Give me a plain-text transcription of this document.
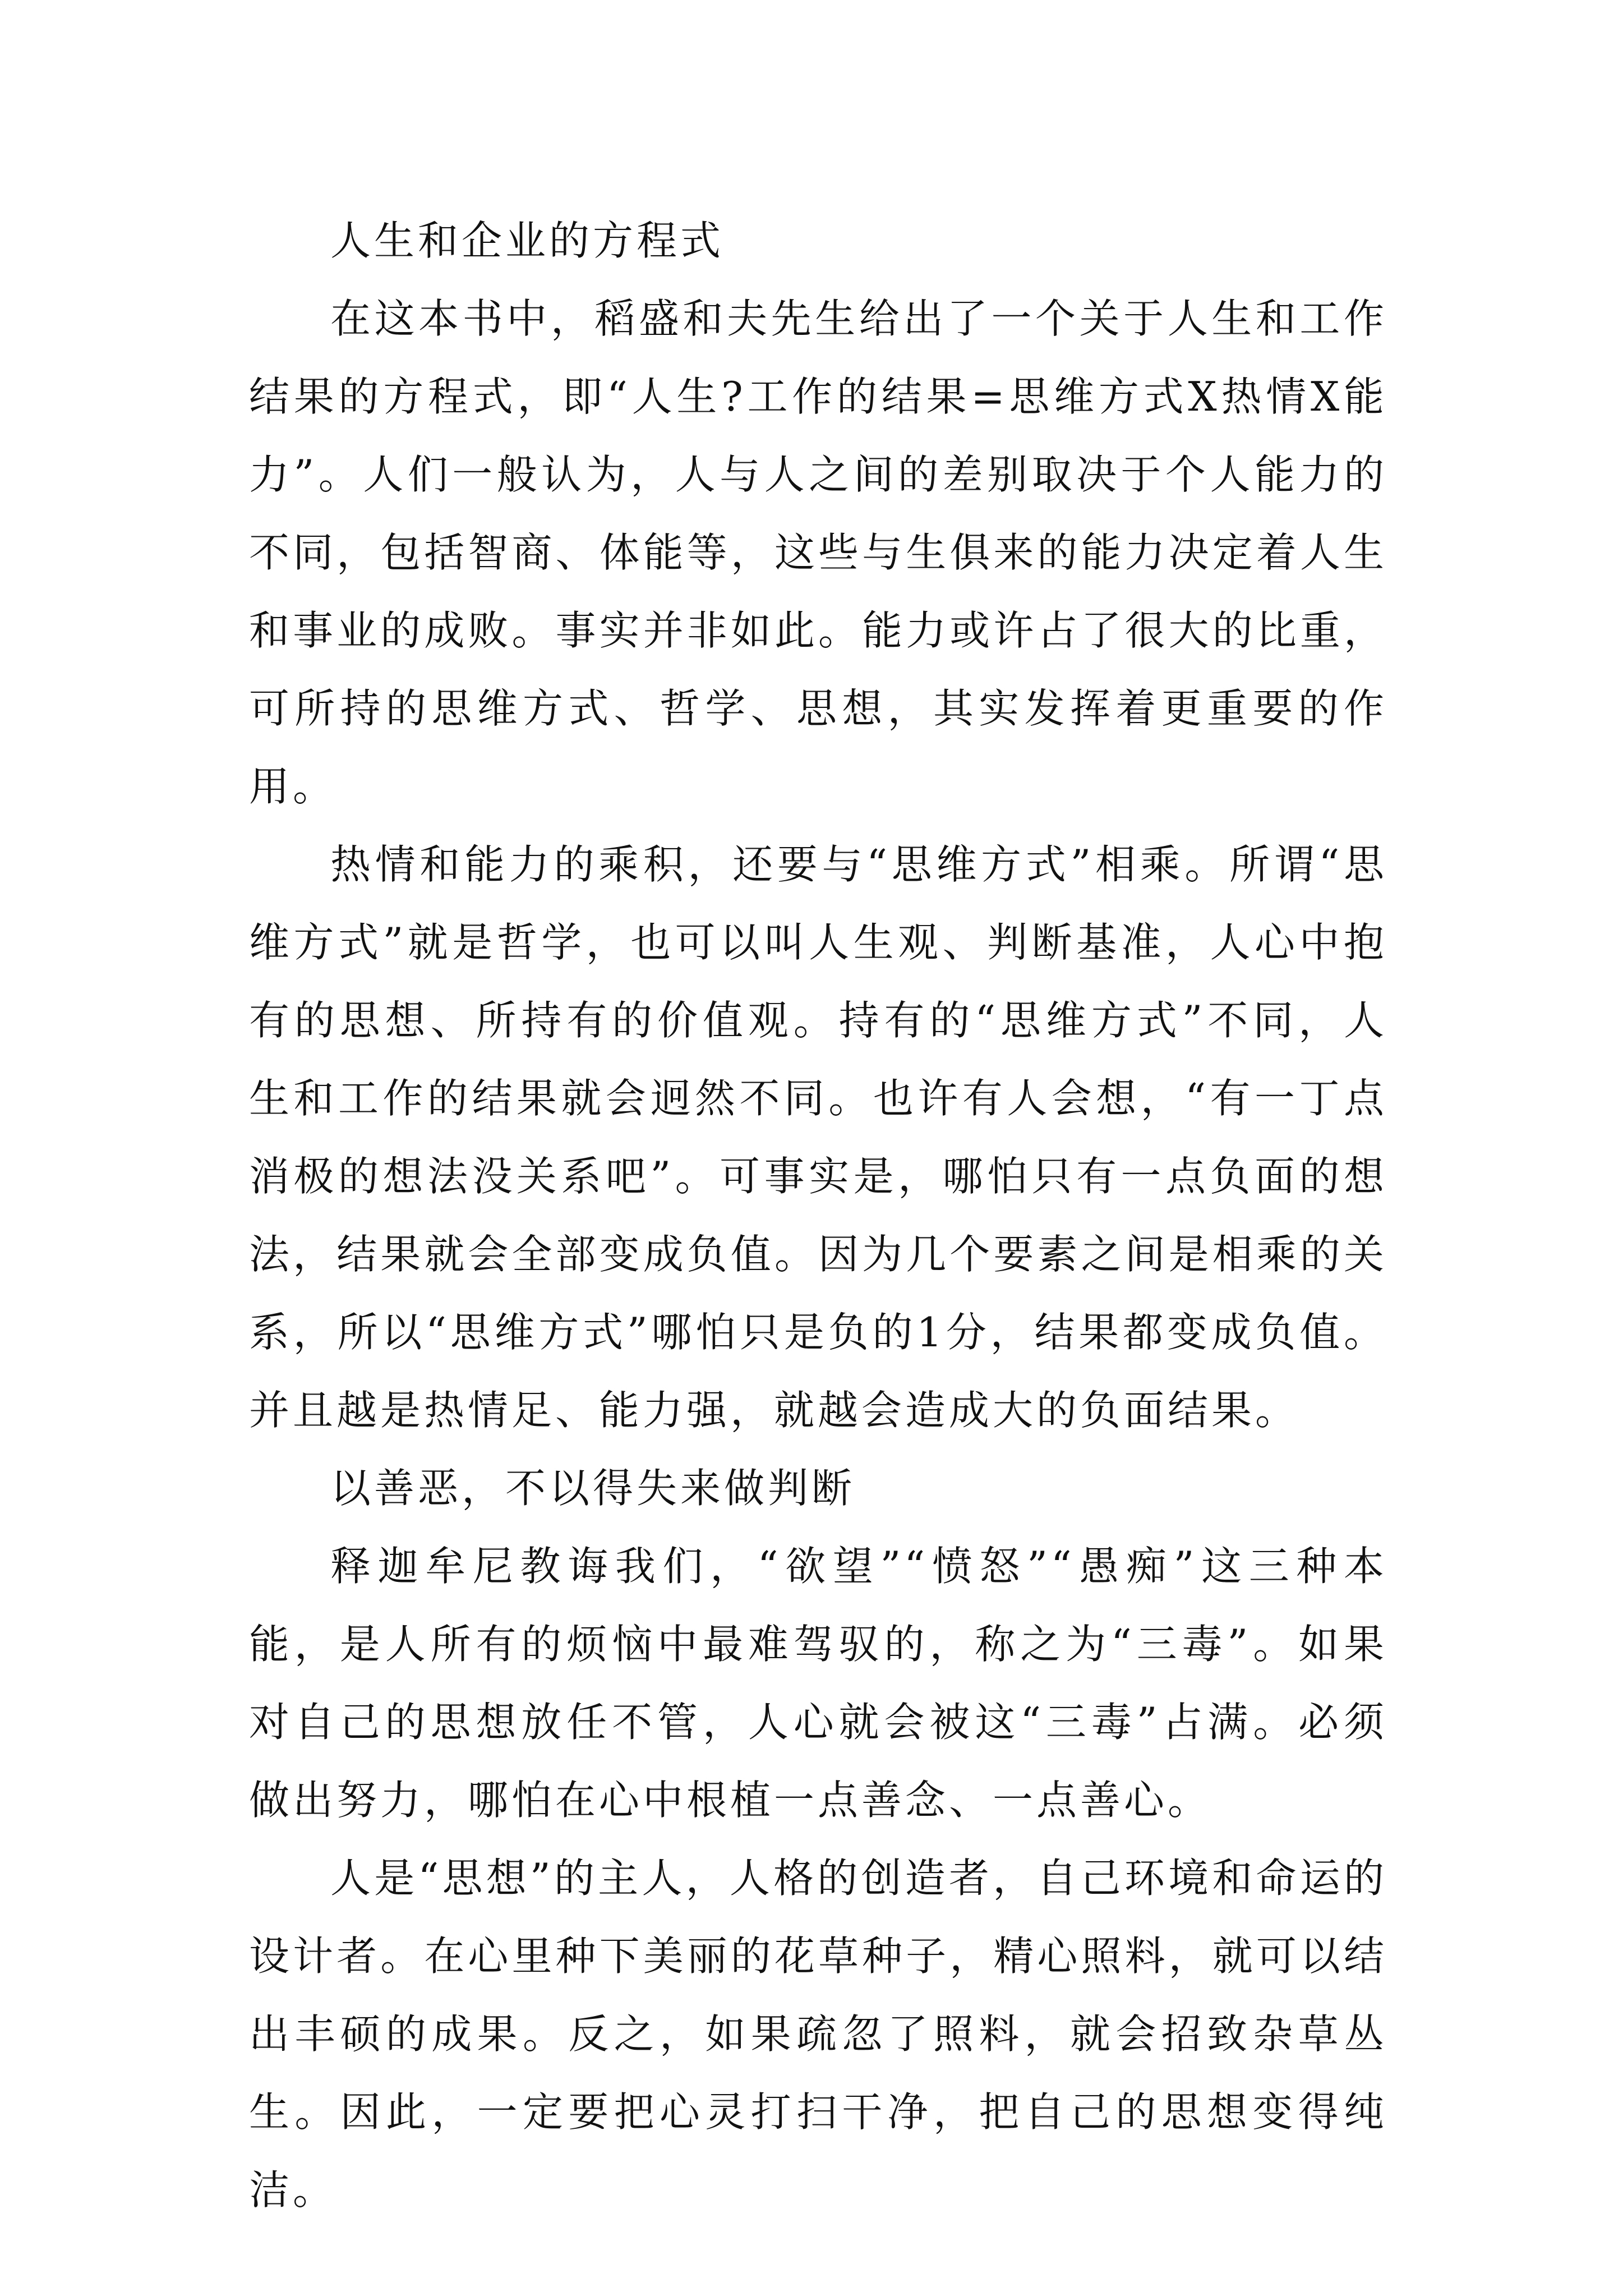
人生和企业的方程式

在这本书中，稻盛和夫先生给出了一个关于人生和工作结果的方程式，即“人生?工作的结果=思维方式X热情X能力”。人们一般认为，人与人之间的差别取决于个人能力的不同，包括智商、体能等，这些与生俱来的能力决定着人生和事业的成败。事实并非如此。能力或许占了很大的比重，可所持的思维方式、哲学、思想，其实发挥着更重要的作用。

热情和能力的乘积，还要与“思维方式”相乘。所谓“思维方式”就是哲学，也可以叫人生观、判断基准，人心中抱有的思想、所持有的价值观。持有的“思维方式”不同，人生和工作的结果就会迥然不同。也许有人会想，“有一丁点消极的想法没关系吧”。可事实是，哪怕只有一点负面的想法，结果就会全部变成负值。因为几个要素之间是相乘的关系，所以“思维方式”哪怕只是负的1分，结果都变成负值。并且越是热情足、能力强，就越会造成大的负面结果。

以善恶，不以得失来做判断

释迦牟尼教诲我们，“欲望”“愤怒”“愚痴”这三种本能，是人所有的烦恼中最难驾驭的，称之为“三毒”。如果对自己的思想放任不管，人心就会被这“三毒”占满。必须做出努力，哪怕在心中根植一点善念、一点善心。

人是“思想”的主人，人格的创造者，自己环境和命运的设计者。在心里种下美丽的花草种子，精心照料，就可以结出丰硕的成果。反之，如果疏忽了照料，就会招致杂草丛生。因此，一定要把心灵打扫干净，把自己的思想变得纯洁。
